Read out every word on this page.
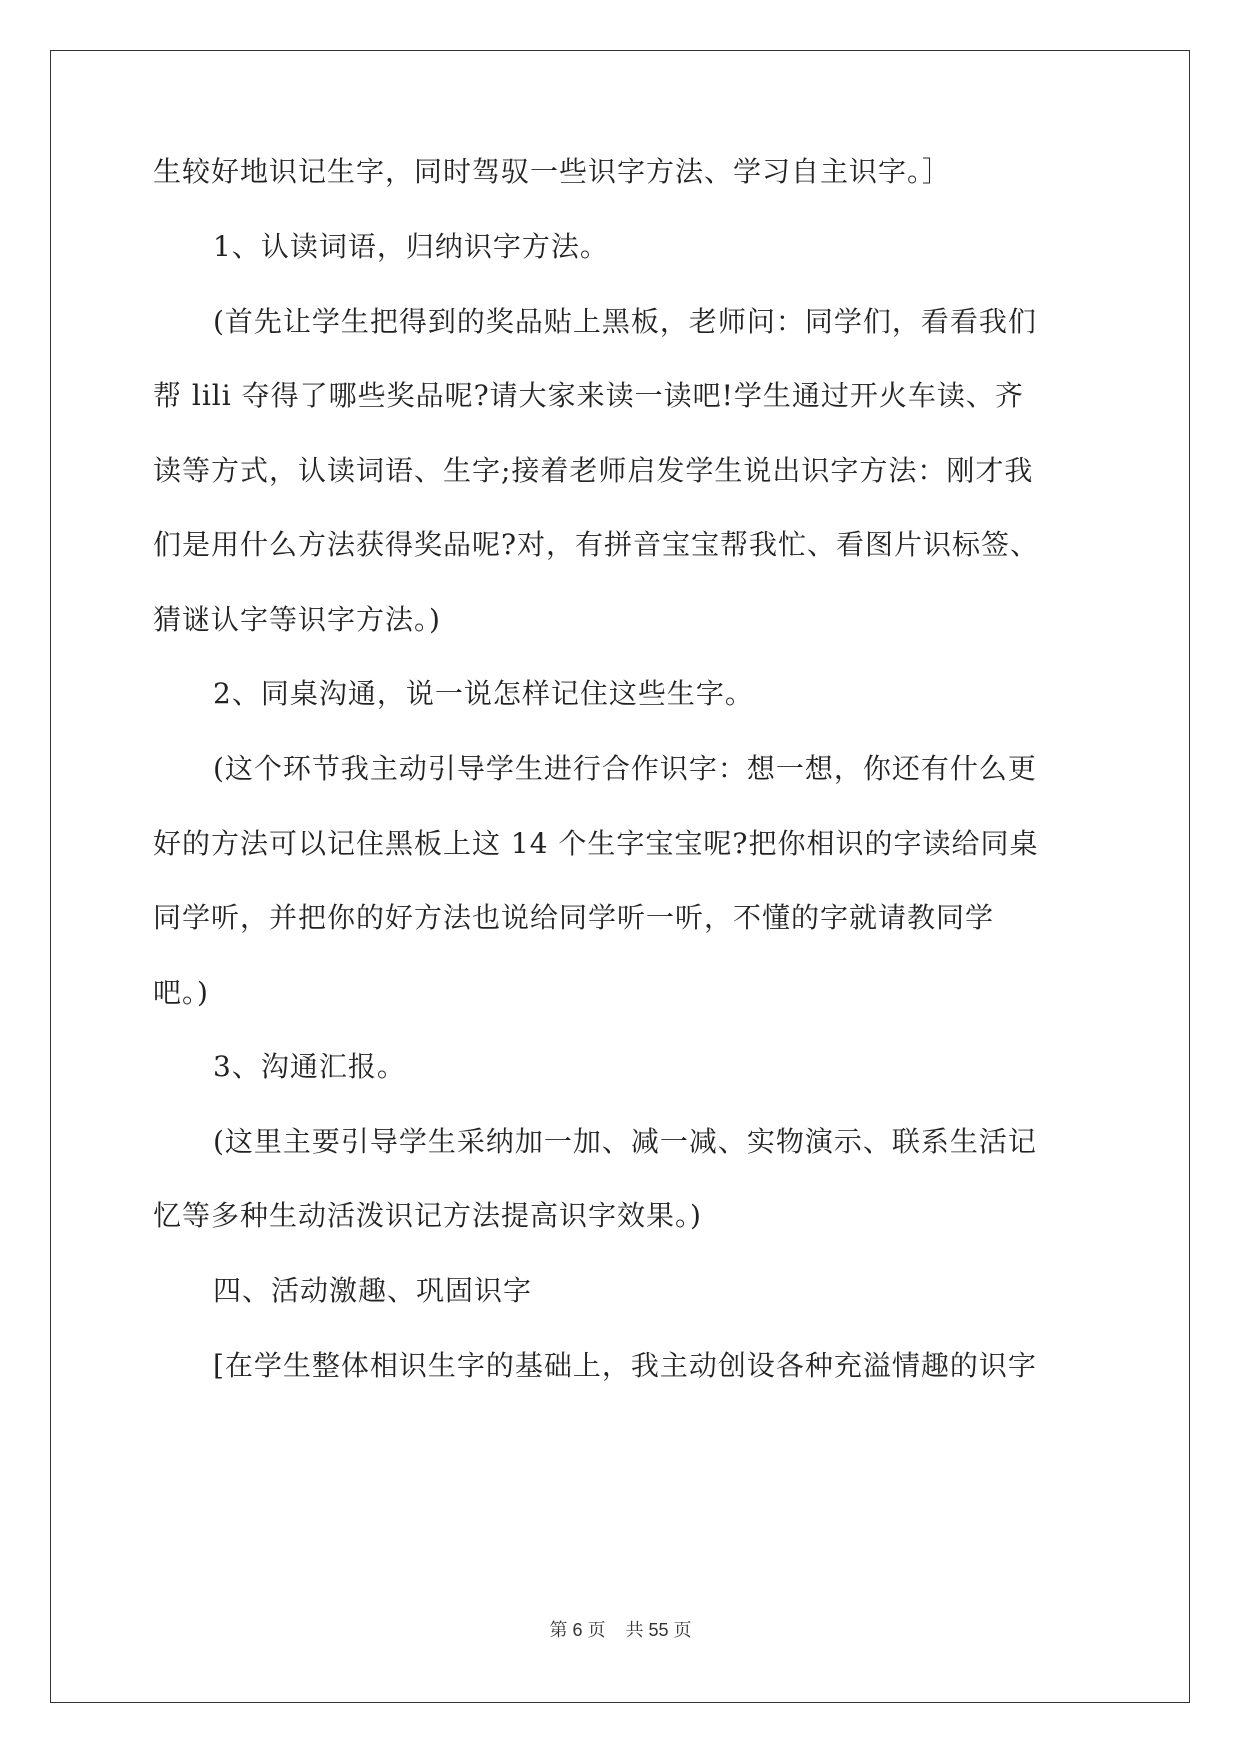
生较好地识记生字，同时驾驭一些识字方法、学习自主识字。］
1、认读词语，归纳识字方法。
(首先让学生把得到的奖品贴上黑板，老师问：同学们，看看我们
帮 lili 夺得了哪些奖品呢?请大家来读一读吧!学生通过开火车读、齐
读等方式，认读词语、生字;接着老师启发学生说出识字方法：刚才我
们是用什么方法获得奖品呢?对，有拼音宝宝帮我忙、看图片识标签、
猜谜认字等识字方法。)
2、同桌沟通，说一说怎样记住这些生字。
(这个环节我主动引导学生进行合作识字：想一想，你还有什么更
好的方法可以记住黑板上这 14 个生字宝宝呢?把你相识的字读给同桌
同学听，并把你的好方法也说给同学听一听，不懂的字就请教同学
吧。)
3、沟通汇报。
(这里主要引导学生采纳加一加、减一减、实物演示、联系生活记
忆等多种生动活泼识记方法提高识字效果。)
四、活动激趣、巩固识字
[在学生整体相识生字的基础上，我主动创设各种充溢情趣的识字
第 6 页    共 55 页
